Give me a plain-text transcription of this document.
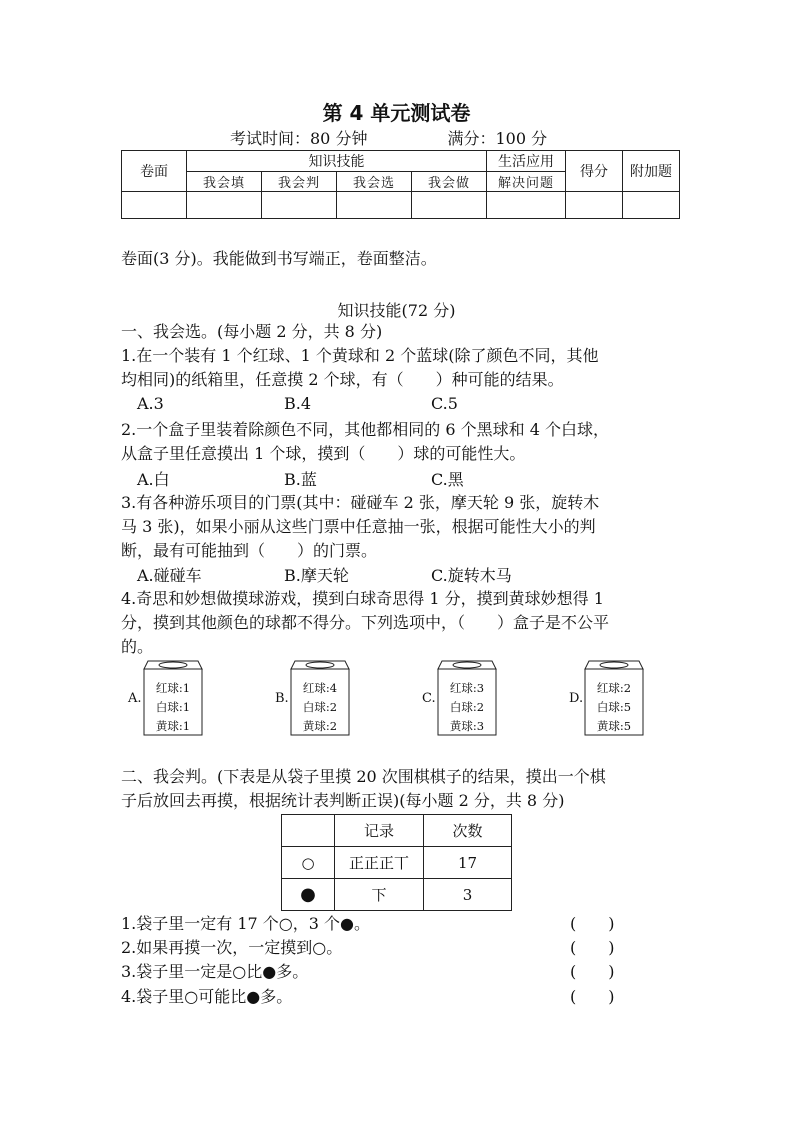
第 4 单元测试卷
考试时间：80 分钟	满分：100 分
卷面	知识技能				生活应用	得分	附加题
	我会填	我会判	我会选	我会做	解决问题		

卷面(3 分)。我能做到书写端正，卷面整洁。
知识技能(72 分)
一、我会选。(每小题 2 分，共 8 分)
1.在一个装有 1 个红球、1 个黄球和 2 个蓝球(除了颜色不同，其他
均相同)的纸箱里，任意摸 2 个球，有（　　）种可能的结果。
A.3	B.4	C.5
2.一个盒子里装着除颜色不同，其他都相同的 6 个黑球和 4 个白球，
从盒子里任意摸出 1 个球，摸到（　　）球的可能性大。
A.白	B.蓝	C.黑
3.有各种游乐项目的门票(其中：碰碰车 2 张，摩天轮 9 张，旋转木
马 3 张)，如果小丽从这些门票中任意抽一张，根据可能性大小的判
断，最有可能抽到（　　）的门票。
A.碰碰车	B.摩天轮	C.旋转木马
4.奇思和妙想做摸球游戏，摸到白球奇思得 1 分，摸到黄球妙想得 1
分，摸到其他颜色的球都不得分。下列选项中，（　　）盒子是不公平
的。
A.
红球:1
白球:1
黄球:1
B.
红球:4
白球:2
黄球:2
C.
红球:3
白球:2
黄球:3
D.
红球:2
白球:5
黄球:5
二、我会判。(下表是从袋子里摸 20 次围棋棋子的结果，摸出一个棋
子后放回去再摸，根据统计表判断正误)(每小题 2 分，共 8 分)
	记录	次数
○	正正正丅	17
●	下	3
1.袋子里一定有 17 个○，3 个●。	(　　)
2.如果再摸一次，一定摸到○。	(　　)
3.袋子里一定是○比●多。	(　　)
4.袋子里○可能比●多。	(　　)
